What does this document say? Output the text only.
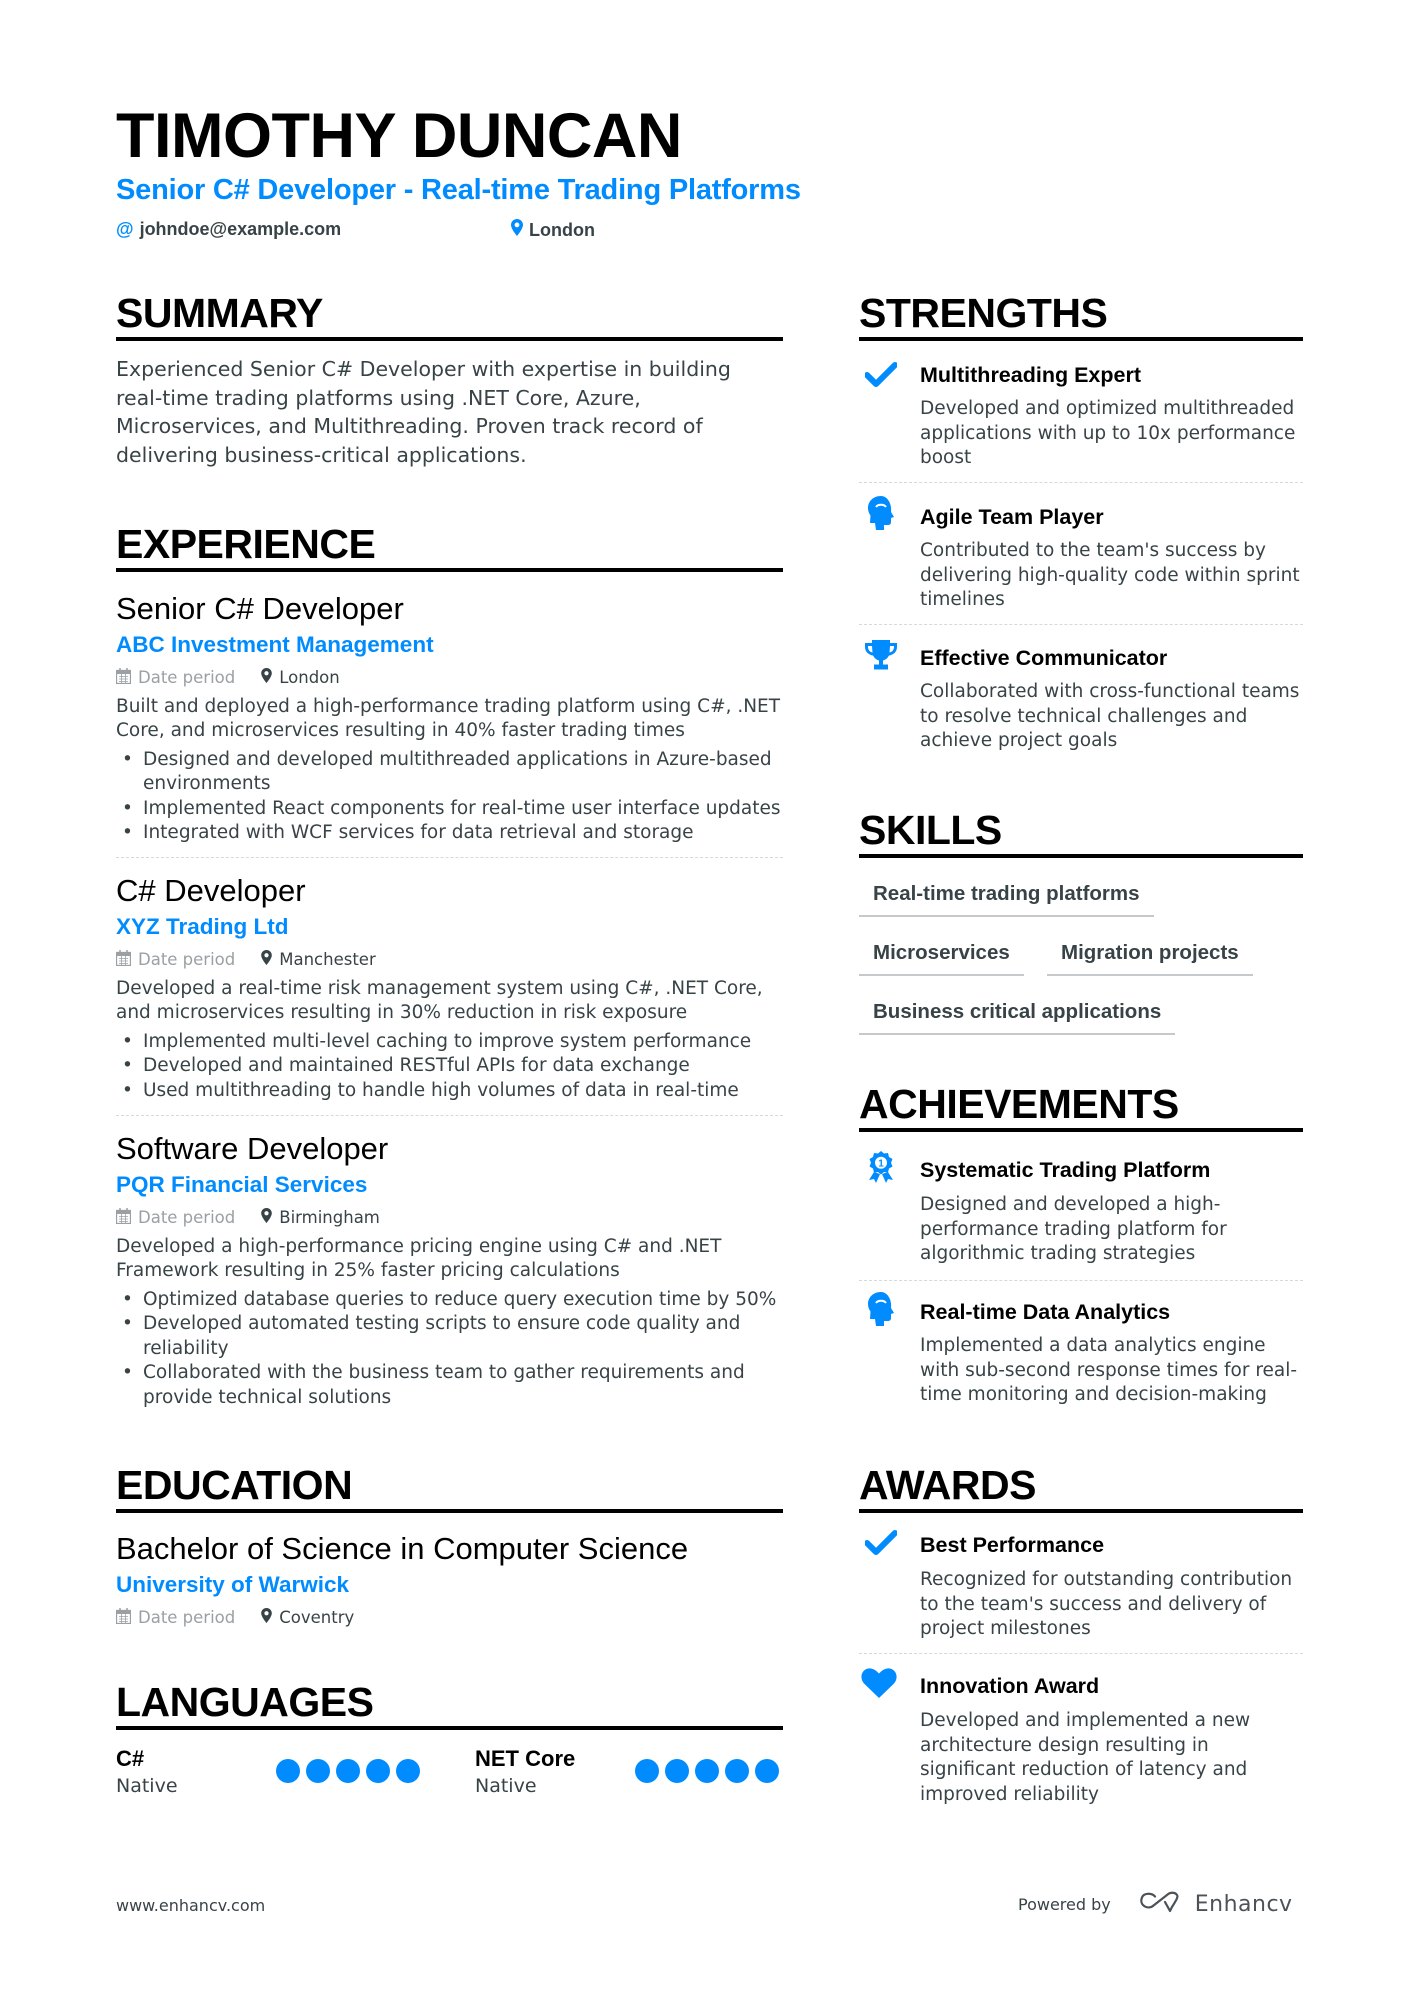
TIMOTHY DUNCAN
Senior C# Developer - Real-time Trading Platforms
@ johndoe@example.com	London
SUMMARY
Experienced Senior C# Developer with expertise in building real-time trading platforms using .NET Core, Azure, Microservices, and Multithreading. Proven track record of delivering business-critical applications.
EXPERIENCE
Senior C# Developer
ABC Investment Management
Date period	London
Built and deployed a high-performance trading platform using C#, .NET Core, and microservices resulting in 40% faster trading times
• Designed and developed multithreaded applications in Azure-based environments
• Implemented React components for real-time user interface updates
• Integrated with WCF services for data retrieval and storage
C# Developer
XYZ Trading Ltd
Date period	Manchester
Developed a real-time risk management system using C#, .NET Core, and microservices resulting in 30% reduction in risk exposure
• Implemented multi-level caching to improve system performance
• Developed and maintained RESTful APIs for data exchange
• Used multithreading to handle high volumes of data in real-time
Software Developer
PQR Financial Services
Date period	Birmingham
Developed a high-performance pricing engine using C# and .NET Framework resulting in 25% faster pricing calculations
• Optimized database queries to reduce query execution time by 50%
• Developed automated testing scripts to ensure code quality and reliability
• Collaborated with the business team to gather requirements and provide technical solutions
EDUCATION
Bachelor of Science in Computer Science
University of Warwick
Date period	Coventry
LANGUAGES
C#
Native
NET Core
Native
STRENGTHS
Multithreading Expert
Developed and optimized multithreaded applications with up to 10x performance boost
Agile Team Player
Contributed to the team's success by delivering high-quality code within sprint timelines
Effective Communicator
Collaborated with cross-functional teams to resolve technical challenges and achieve project goals
SKILLS
Real-time trading platforms
Microservices	Migration projects
Business critical applications
ACHIEVEMENTS
1 Systematic Trading Platform
Designed and developed a high-performance trading platform for algorithmic trading strategies
Real-time Data Analytics
Implemented a data analytics engine with sub-second response times for real-time monitoring and decision-making
AWARDS
Best Performance
Recognized for outstanding contribution to the team's success and delivery of project milestones
Innovation Award
Developed and implemented a new architecture design resulting in significant reduction of latency and improved reliability
www.enhancv.com	Powered by	Enhancv
